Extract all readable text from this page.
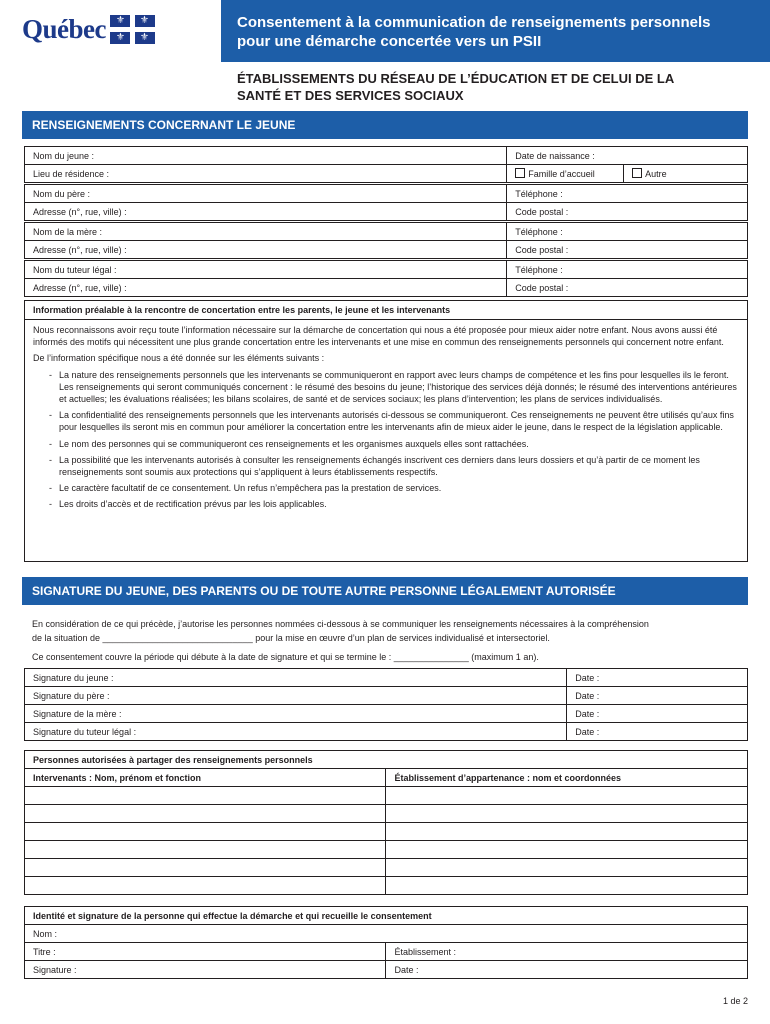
Québec ⚜ ⚜
⚜ ⚜
Consentement à la communication de renseignements personnels
pour une démarche concertée vers un PSII
ÉTABLISSEMENTS DU RÉSEAU DE L’ÉDUCATION ET DE CELUI DE LA
SANTÉ ET DES SERVICES SOCIAUX
RENSEIGNEMENTS CONCERNANT LE JEUNE
Nom du jeune :	Date de naissance :	
Lieu de résidence :	Famille d’accueil	Autre

Nom du père :	Téléphone :	
Adresse (n°, rue, ville) :	Code postal :	

Nom de la mère :	Téléphone :	
Adresse (n°, rue, ville) :	Code postal :	

Nom du tuteur légal :	Téléphone :	
Adresse (n°, rue, ville) :	Code postal :	
Information préalable à la rencontre de concertation entre les parents, le jeune et les intervenants

Nous reconnaissons avoir reçu toute l’information nécessaire sur la démarche de concertation qui nous a été proposée pour mieux aider notre enfant. Nous avons aussi été informés des motifs qui nécessitent une plus grande concertation entre les intervenants et une mise en commun des renseignements personnels qui concernent notre enfant.

De l’information spécifique nous a été donnée sur les éléments suivants :

- La nature des renseignements personnels que les intervenants se communiqueront en rapport avec leurs champs de compétence et les fins pour lesquelles ils le feront. Les renseignements qui seront communiqués concernent : le résumé des besoins du jeune; l’historique des services déjà donnés; le résumé des interventions antérieures et actuelles; les évaluations réalisées; les bilans scolaires, de santé et de services sociaux; les plans d’intervention; les plans de services individualisés.
- La confidentialité des renseignements personnels que les intervenants autorisés ci-dessous se communiqueront. Ces renseignements ne peuvent être utilisés qu’aux fins pour lesquelles ils seront mis en commun pour améliorer la concertation entre les intervenants afin de mieux aider le jeune, dans le respect de la législation applicable.
- Le nom des personnes qui se communiqueront ces renseignements et les organismes auxquels elles sont rattachées.
- La possibilité que les intervenants autorisés à consulter les renseignements échangés inscrivent ces derniers dans leurs dossiers et qu’à partir de ce moment les renseignements sont soumis aux protections qui s’appliquent à leurs établissements respectifs.
- Le caractère facultatif de ce consentement. Un refus n’empêchera pas la prestation de services.
- Les droits d’accès et de rectification prévus par les lois applicables.
SIGNATURE DU JEUNE, DES PARENTS OU DE TOUTE AUTRE PERSONNE LÉGALEMENT AUTORISÉE
En considération de ce qui précède, j’autorise les personnes nommées ci-dessous à se communiquer les renseignements nécessaires à la compréhension
de la situation de ______________________________ pour la mise en œuvre d’un plan de services individualisé et intersectoriel.
Ce consentement couvre la période qui débute à la date de signature et qui se termine le : _______________ (maximum 1 an).
Signature du jeune :	Date :
Signature du père :	Date :
Signature de la mère :	Date :
Signature du tuteur légal :	Date :
Personnes autorisées à partager des renseignements personnels	
Intervenants : Nom, prénom et fonction	Établissement d’appartenance : nom et coordonnées

Identité et signature de la personne qui effectue la démarche et qui recueille le consentement	
Nom :	
Titre :	Établissement :
Signature :	Date :
1 de 2
